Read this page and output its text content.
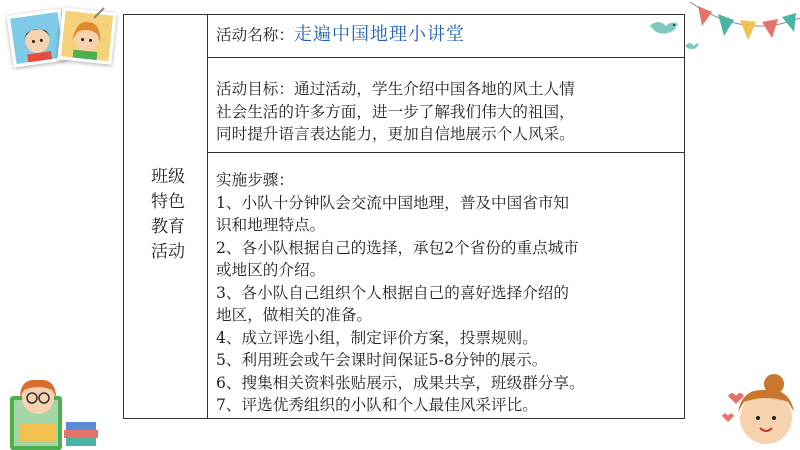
班级
特色
教育
活动
活动名称：走遍中国地理小讲堂
活动目标：通过活动，学生介绍中国各地的风土人情
社会生活的许多方面，进一步了解我们伟大的祖国，
同时提升语言表达能力，更加自信地展示个人风采。
实施步骤：
1、小队十分钟队会交流中国地理，普及中国省市知
识和地理特点。
2、各小队根据自己的选择，承包2个省份的重点城市
或地区的介绍。
3、各小队自己组织个人根据自己的喜好选择介绍的
地区，做相关的准备。
4、成立评选小组，制定评价方案，投票规则。
5、利用班会或午会课时间保证5-8分钟的展示。
6、搜集相关资料张贴展示，成果共享，班级群分享。
7、评选优秀组织的小队和个人最佳风采评比。
